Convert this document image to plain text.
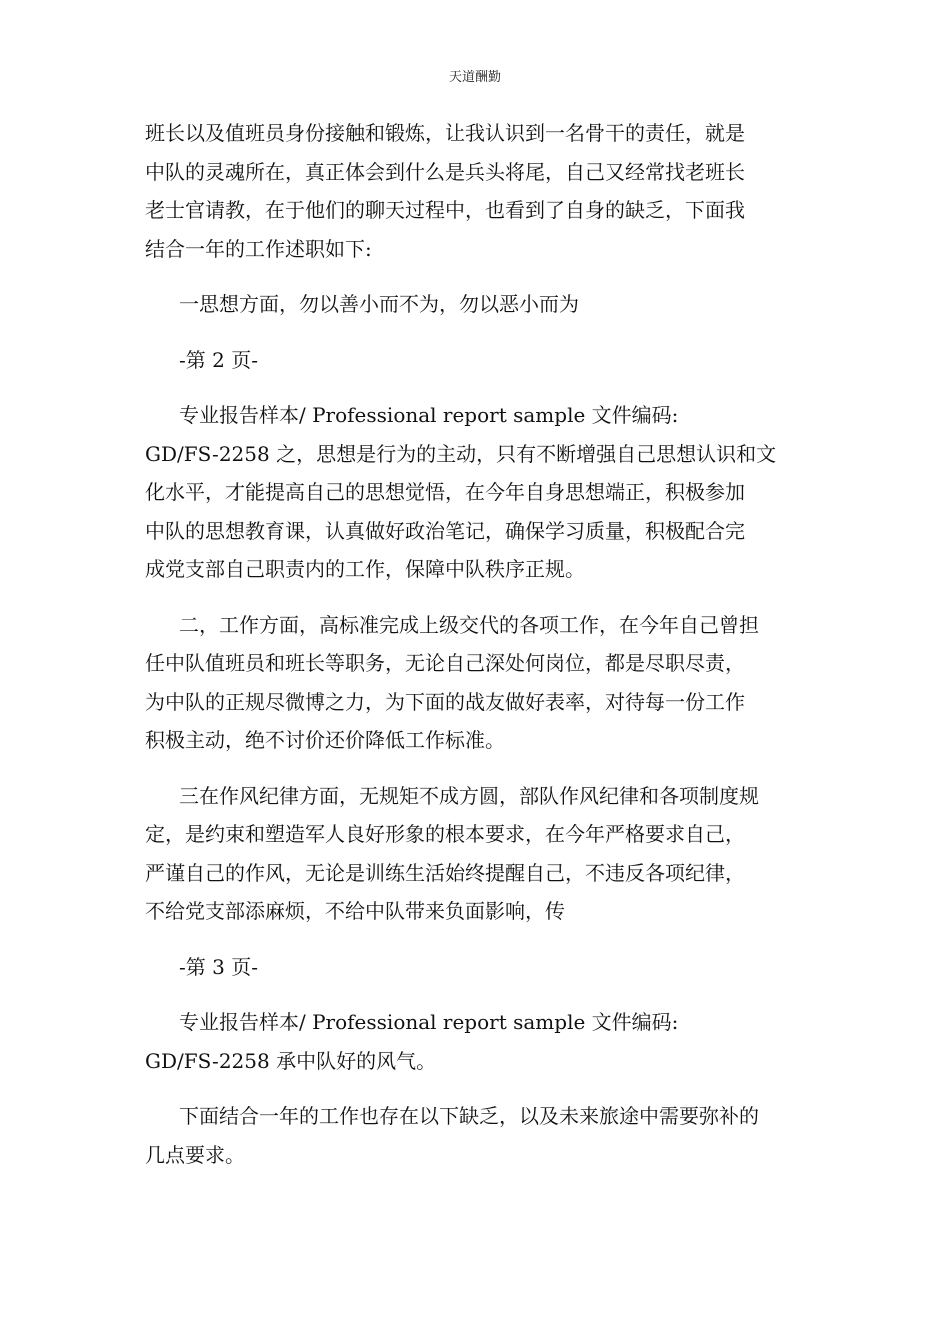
天道酬勤

班长以及值班员身份接触和锻炼，让我认识到一名骨干的责任，就是
中队的灵魂所在，真正体会到什么是兵头将尾，自己又经常找老班长
老士官请教，在于他们的聊天过程中，也看到了自身的缺乏，下面我
结合一年的工作述职如下:

一思想方面，勿以善小而不为，勿以恶小而为

-第 2 页-

专业报告样本/ Professional report sample 文件编码:
GD/FS-2258 之，思想是行为的主动，只有不断增强自己思想认识和文
化水平，才能提高自己的思想觉悟，在今年自身思想端正，积极参加
中队的思想教育课，认真做好政治笔记，确保学习质量，积极配合完
成党支部自己职责内的工作，保障中队秩序正规。

二，工作方面，高标准完成上级交代的各项工作，在今年自己曾担
任中队值班员和班长等职务，无论自己深处何岗位，都是尽职尽责，
为中队的正规尽微博之力，为下面的战友做好表率，对待每一份工作
积极主动，绝不讨价还价降低工作标准。

三在作风纪律方面，无规矩不成方圆，部队作风纪律和各项制度规
定，是约束和塑造军人良好形象的根本要求，在今年严格要求自己，
严谨自己的作风，无论是训练生活始终提醒自己，不违反各项纪律，
不给党支部添麻烦，不给中队带来负面影响，传

-第 3 页-

专业报告样本/ Professional report sample 文件编码:
GD/FS-2258 承中队好的风气。

下面结合一年的工作也存在以下缺乏，以及未来旅途中需要弥补的
几点要求。
